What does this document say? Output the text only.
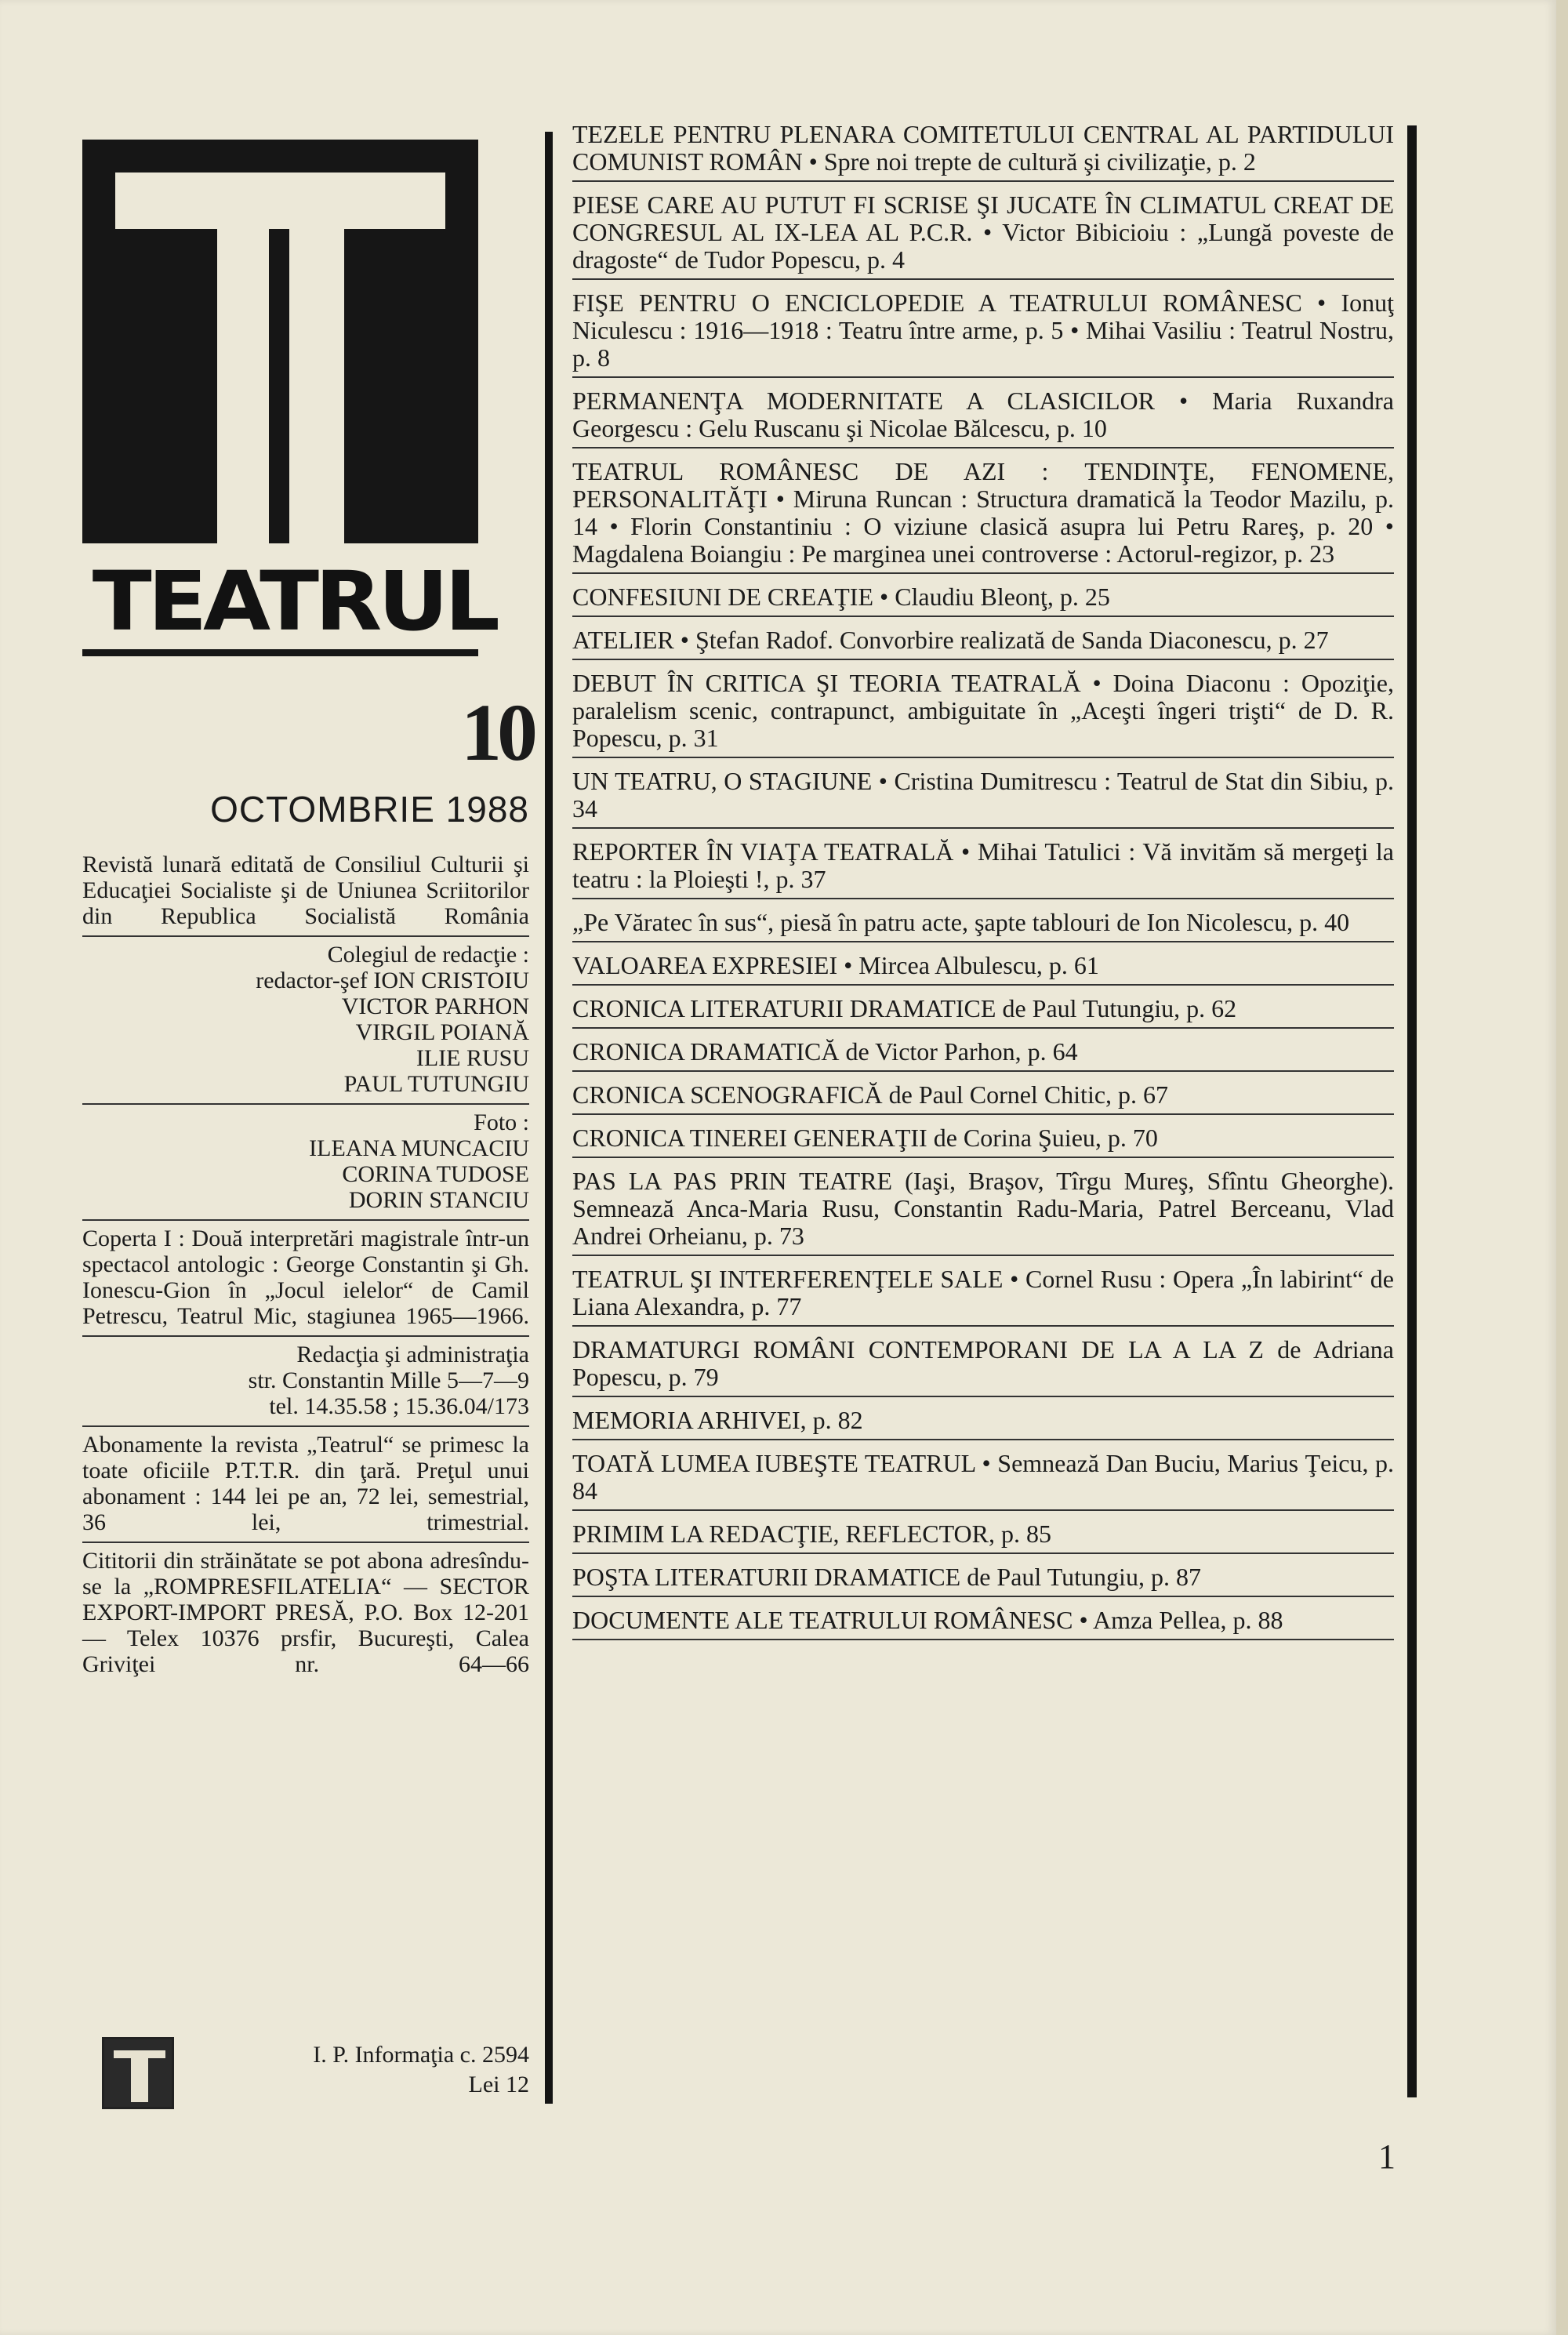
TEATRUL
10
OCTOMBRIE 1988
Revistă lunară editată de Consiliul Culturii şi Educaţiei Socialiste şi de Uniunea Scriitorilor din Republica Socialistă România
Colegiul de redacţie :
redactor-şef ION CRISTOIU
VICTOR PARHON
VIRGIL POIANĂ
ILIE RUSU
PAUL TUTUNGIU
Foto :
ILEANA MUNCACIU
CORINA TUDOSE
DORIN STANCIU
Coperta I : Două interpretări magistrale într-un spectacol antologic : George Constantin şi Gh. Ionescu-Gion în „Jocul ielelor“ de Camil Petrescu, Teatrul Mic, stagiunea 1965—1966.
Redacţia şi administraţia
str. Constantin Mille 5—7—9
tel. 14.35.58 ; 15.36.04/173
Abonamente la revista „Teatrul“ se primesc la toate oficiile P.T.T.R. din ţară. Preţul unui abonament : 144 lei pe an, 72 lei, semestrial, 36 lei, trimestrial.
Cititorii din străinătate se pot abona adresîndu-se la „ROMPRESFILATELIA“ — SECTOR EXPORT-IMPORT PRESĂ, P.O. Box 12-201 — Telex 10376 prsfir, Bucureşti, Calea Griviţei nr. 64—66
I. P. Informaţia c. 2594
Lei 12
TEZELE PENTRU PLENARA COMITETULUI CENTRAL AL PARTIDULUI COMUNIST ROMÂN • Spre noi trepte de cultură şi civilizaţie, p. 2
PIESE CARE AU PUTUT FI SCRISE ŞI JUCATE ÎN CLIMATUL CREAT DE CONGRESUL AL IX-LEA AL P.C.R. • Victor Bibicioiu : „Lungă poveste de dragoste“ de Tudor Popescu, p. 4
FIŞE PENTRU O ENCICLOPEDIE A TEATRULUI ROMÂNESC • Ionuţ Niculescu : 1916—1918 : Teatru între arme, p. 5 • Mihai Vasiliu : Teatrul Nostru, p. 8
PERMANENŢA MODERNITATE A CLASICILOR • Maria Ruxandra Georgescu : Gelu Ruscanu şi Nicolae Bălcescu, p. 10
TEATRUL ROMÂNESC DE AZI : TENDINŢE, FENOMENE, PERSONALITĂŢI • Miruna Runcan : Structura dramatică la Teodor Mazilu, p. 14 • Florin Constantiniu : O viziune clasică asupra lui Petru Rareş, p. 20 • Magdalena Boiangiu : Pe marginea unei controverse : Actorul-regizor, p. 23
CONFESIUNI DE CREAŢIE • Claudiu Bleonţ, p. 25
ATELIER • Ştefan Radof. Convorbire realizată de Sanda Diaconescu, p. 27
DEBUT ÎN CRITICA ŞI TEORIA TEATRALĂ • Doina Diaconu : Opoziţie, paralelism scenic, contrapunct, ambiguitate în „Aceşti îngeri trişti“ de D. R. Popescu, p. 31
UN TEATRU, O STAGIUNE • Cristina Dumitrescu : Teatrul de Stat din Sibiu, p. 34
REPORTER ÎN VIAŢA TEATRALĂ • Mihai Tatulici : Vă invităm să mergeţi la teatru : la Ploieşti !, p. 37
„Pe Văratec în sus“, piesă în patru acte, şapte tablouri de Ion Nicolescu, p. 40
VALOAREA EXPRESIEI • Mircea Albulescu, p. 61
CRONICA LITERATURII DRAMATICE de Paul Tutungiu, p. 62
CRONICA DRAMATICĂ de Victor Parhon, p. 64
CRONICA SCENOGRAFICĂ de Paul Cornel Chitic, p. 67
CRONICA TINEREI GENERAŢII de Corina Şuieu, p. 70
PAS LA PAS PRIN TEATRE (Iaşi, Braşov, Tîrgu Mureş, Sfîntu Gheorghe). Semnează Anca-Maria Rusu, Constantin Radu-Maria, Patrel Berceanu, Vlad Andrei Orheianu, p. 73
TEATRUL ŞI INTERFERENŢELE SALE • Cornel Rusu : Opera „În labirint“ de Liana Alexandra, p. 77
DRAMATURGI ROMÂNI CONTEMPORANI DE LA A LA Z de Adriana Popescu, p. 79
MEMORIA ARHIVEI, p. 82
TOATĂ LUMEA IUBEŞTE TEATRUL • Semnează Dan Buciu, Marius Ţeicu, p. 84
PRIMIM LA REDACŢIE, REFLECTOR, p. 85
POŞTA LITERATURII DRAMATICE de Paul Tutungiu, p. 87
DOCUMENTE ALE TEATRULUI ROMÂNESC • Amza Pellea, p. 88
1
